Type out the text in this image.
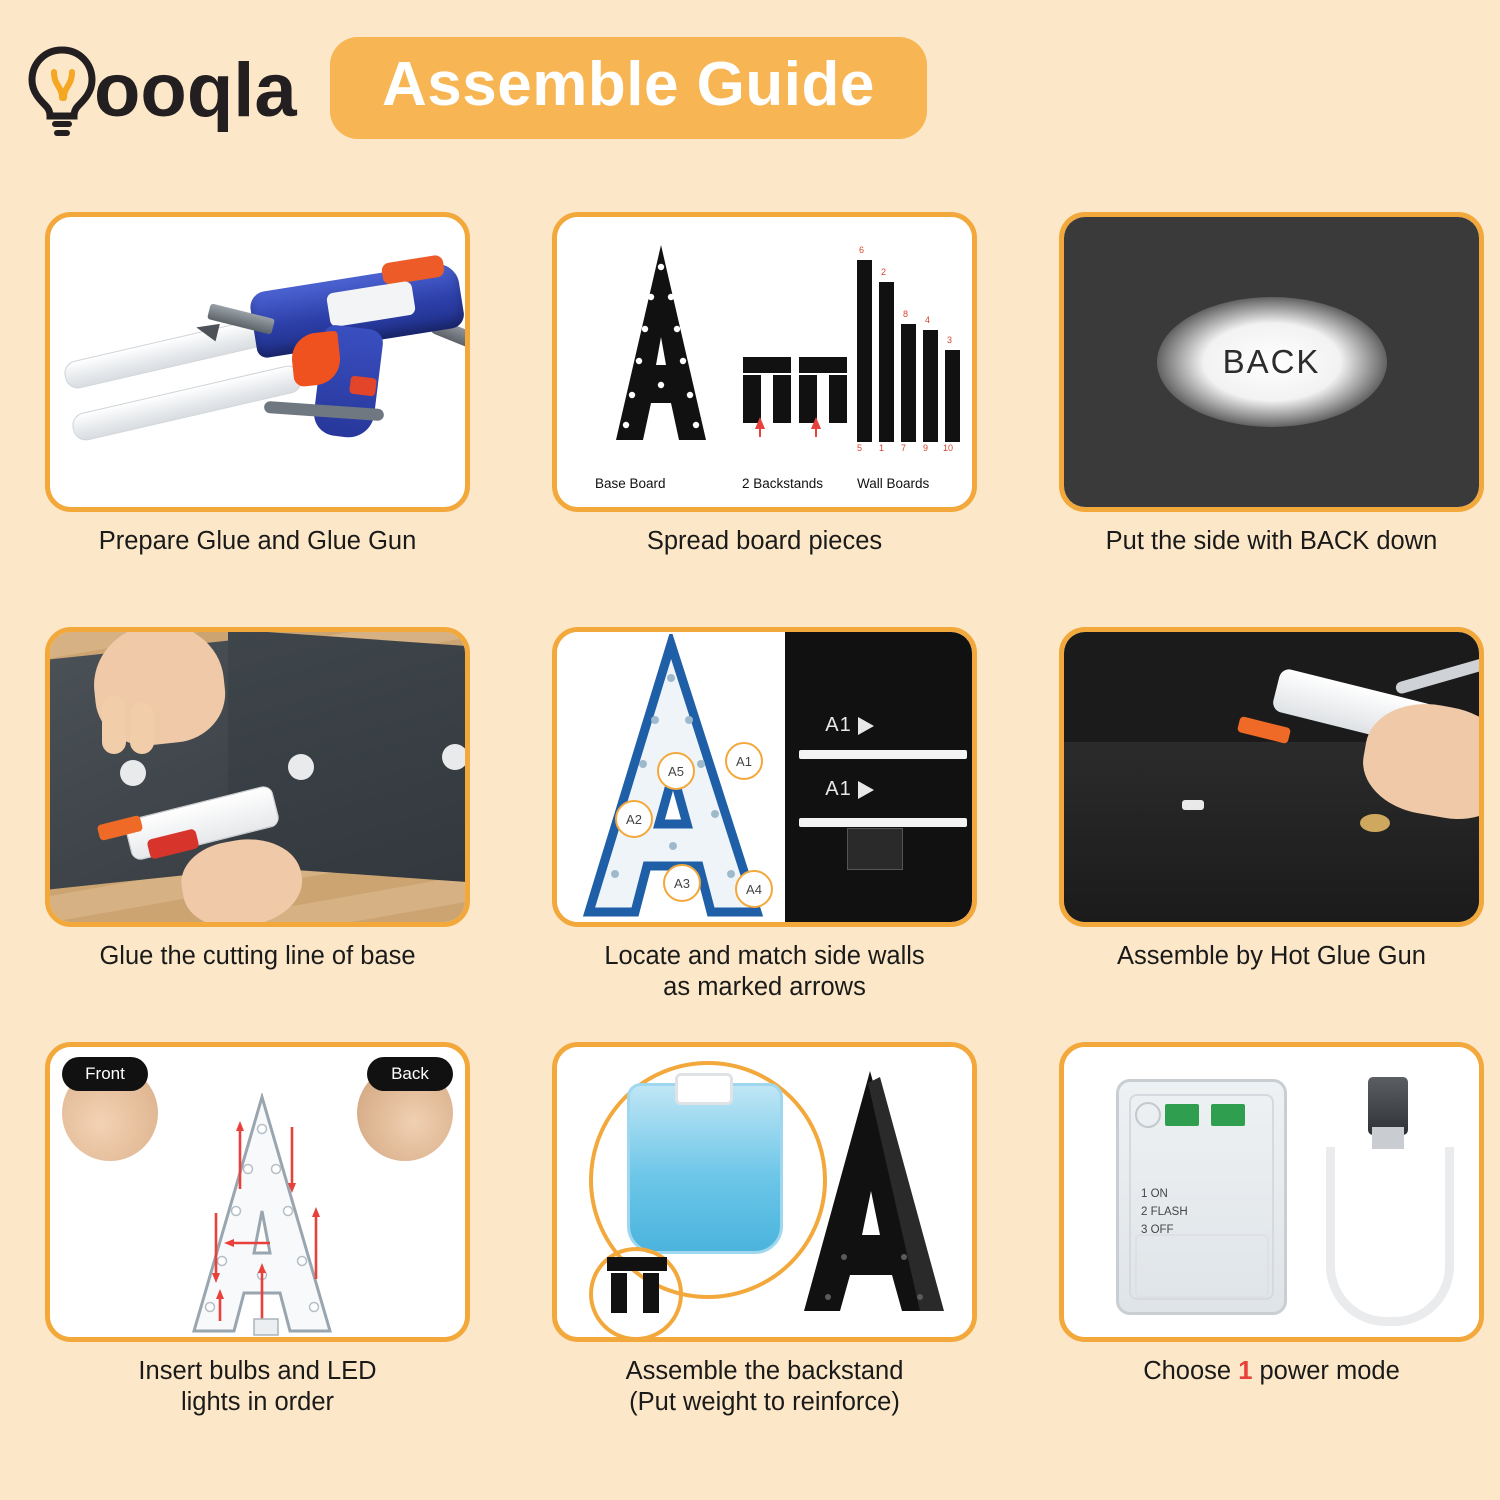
ooqla Assemble Guide
Prepare Glue and Glue Gun
6
2
8
4
3
5 1 7 9 10
Base Board	2 Backstands	Wall Boards
Spread board pieces
BACK
Put the side with BACK down
Glue the cutting line of base
A5
A1
A2
A3	A4
A1
A1
Locate and match side walls
as marked arrows
Assemble by Hot Glue Gun
Front	Back
Insert bulbs and LED
lights in order
Assemble the backstand
(Put weight to reinforce)
1 ON
2 FLASH
3 OFF
Choose 1 power mode
